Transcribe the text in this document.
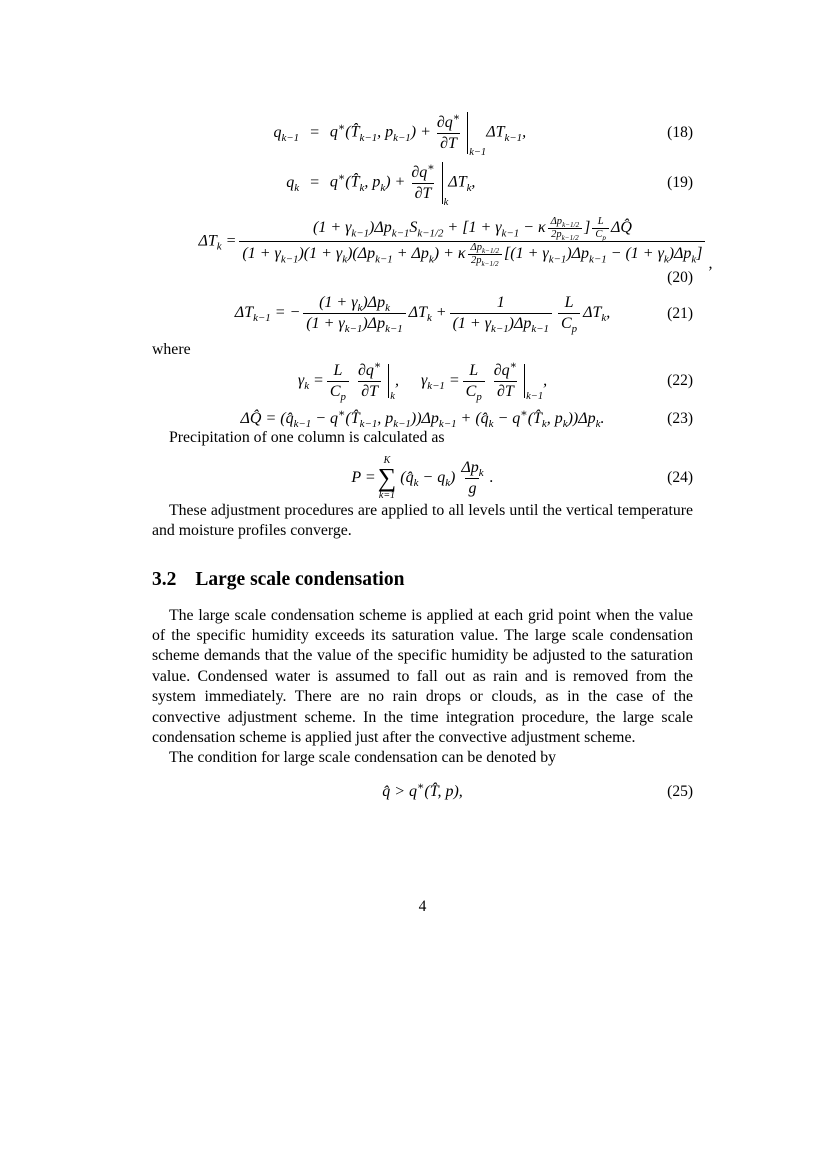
$q_{k-1}$ = $q^∗(T̂_{k-1}$, $p_{k-1}) + \frac{\partial q^∗}{\partial T} k-1$
$\Delta T_{k-1}$,	(18)
$q_k$ = $q^∗(T̂_k$, $p_k) + \frac{\partial q^∗}{\partial T}$ k
$\Delta T_k$,	(19)
$\Delta T_k$ =
$(1 + \gamma_{k-1})\Delta p_{k-1}S_{k-1/2} + [1 + \gamma_{k-1} - \kappa \frac{\Delta p_{k-1/2}}{2p_{k-1/2}}$ ] $\frac{L}{C_p}$ ΔQ̂
$(1 + \gamma_{k-1})(1 + \gamma_k)(\Delta p_{k-1} + \Delta p_k) + \kappa \frac{\Delta p_{k-1/2}}{2p_{k-1/2}} [(1 + \gamma_{k-1})\Delta p_{k-1} - (1 + \gamma_k)\Delta p_k]$
,
(20)
$\Delta T_{k-1}$ = − $\frac{(1 + \gamma_k)\Delta p_k}{(1 + \gamma_{k-1})\Delta p_{k-1}} \Delta T_k + \frac{1}{(1 + \gamma_{k-1})\Delta p_{k-1}} \frac{L}{C_p} \Delta T_k$,	(21)
where
$\gamma_k = \frac{L}{C_p} \frac{\partial q^∗}{\partial T}$ k
, $\gamma_{k-1} = \frac{L}{C_p} \frac{\partial q^∗}{\partial T} k-1$
,	(22)
ΔQ̂ = ($q̂_{k-1}$ − $q^∗(T̂_{k-1}$, $p_{k-1}))\Delta p_{k-1}$ + ($q̂_k$ − $q^∗(T̂_k$, $p_k))\Delta p_k$.	(23)

Precipitation of one column is calculated as

P =
K
∑
k=1
$(q̂_k - q_k) \frac{\Delta p_k}{g}$ .	(24)

These adjustment procedures are applied to all levels until the vertical temperature and moisture profiles converge.

3.2 Large scale condensation

The large scale condensation scheme is applied at each grid point when the value of the specific humidity exceeds its saturation value. The large scale condensation scheme demands that the value of the specific humidity be adjusted to the saturation value. Condensed water is assumed to fall out as rain and is removed from the system immediately. There are no rain drops or clouds, as in the case of the convective adjustment scheme. In the time integration procedure, the large scale condensation scheme is applied just after the convective adjustment scheme.

The condition for large scale condensation can be denoted by

q̂ > q∗(T̂, p),	(25)
4
